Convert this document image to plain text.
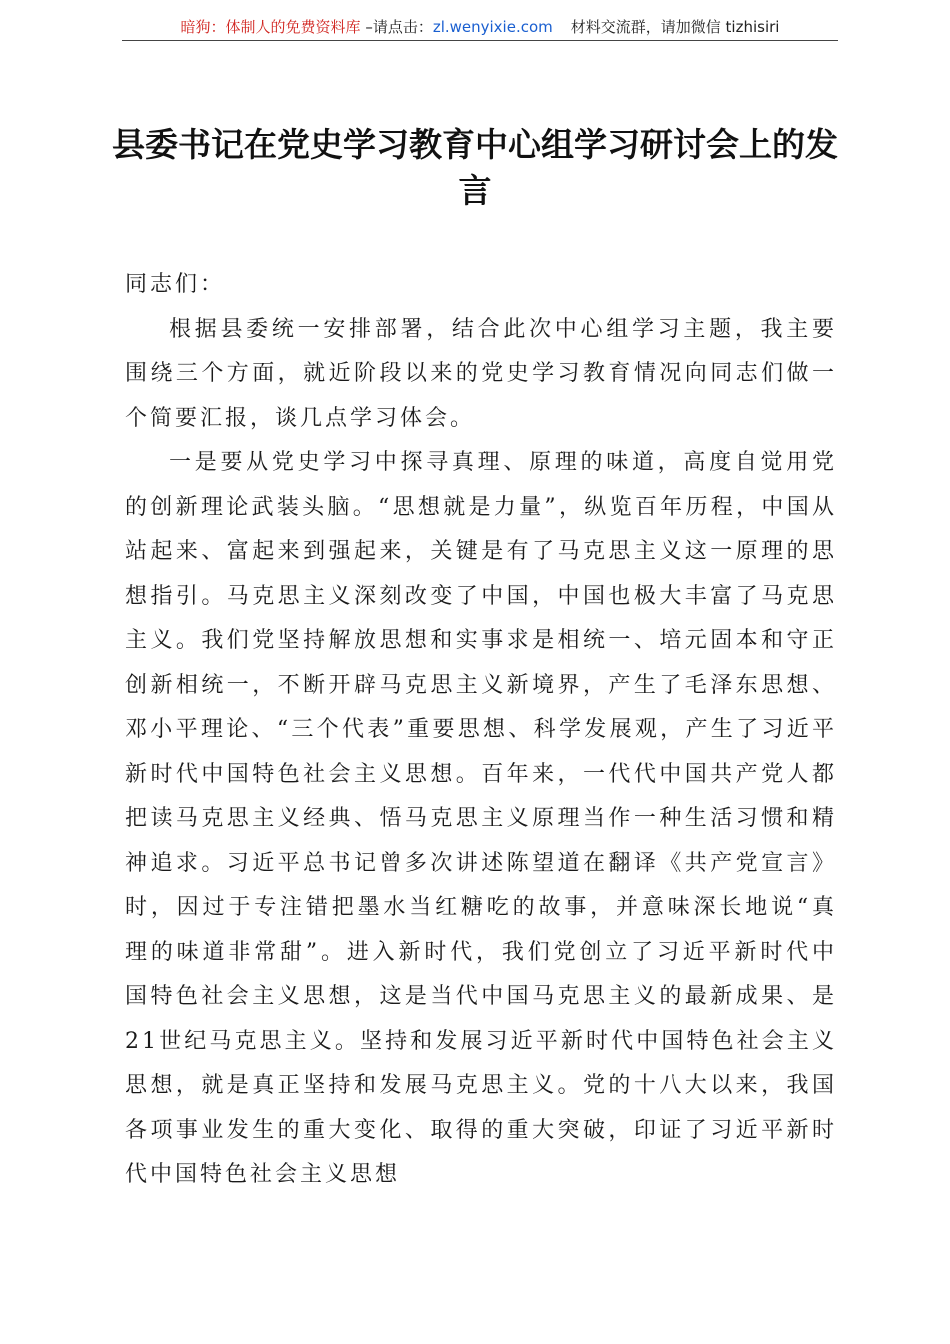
暗狗：体制人的免费资料库 –请点击：zl.wenyixie.com 材料交流群，请加微信 tizhisiri
县委书记在党史学习教育中心组学习研讨会上的发言

同志们：

根据县委统一安排部署，结合此次中心组学习主题，我主要围绕三个方面，就近阶段以来的党史学习教育情况向同志们做一个简要汇报，谈几点学习体会。

一是要从党史学习中探寻真理、原理的味道，高度自觉用党的创新理论武装头脑。“思想就是力量”，纵览百年历程，中国从站起来、富起来到强起来，关键是有了马克思主义这一原理的思想指引。马克思主义深刻改变了中国，中国也极大丰富了马克思主义。我们党坚持解放思想和实事求是相统一、培元固本和守正创新相统一，不断开辟马克思主义新境界，产生了毛泽东思想、邓小平理论、“三个代表”重要思想、科学发展观，产生了习近平新时代中国特色社会主义思想。百年来，一代代中国共产党人都把读马克思主义经典、悟马克思主义原理当作一种生活习惯和精神追求。习近平总书记曾多次讲述陈望道在翻译《共产党宣言》时，因过于专注错把墨水当红糖吃的故事，并意味深长地说“真理的味道非常甜”。进入新时代，我们党创立了习近平新时代中国特色社会主义思想，这是当代中国马克思主义的最新成果、是21世纪马克思主义。坚持和发展习近平新时代中国特色社会主义思想，就是真正坚持和发展马克思主义。党的十八大以来，我国各项事业发生的重大变化、取得的重大突破，印证了习近平新时代中国特色社会主义思想
